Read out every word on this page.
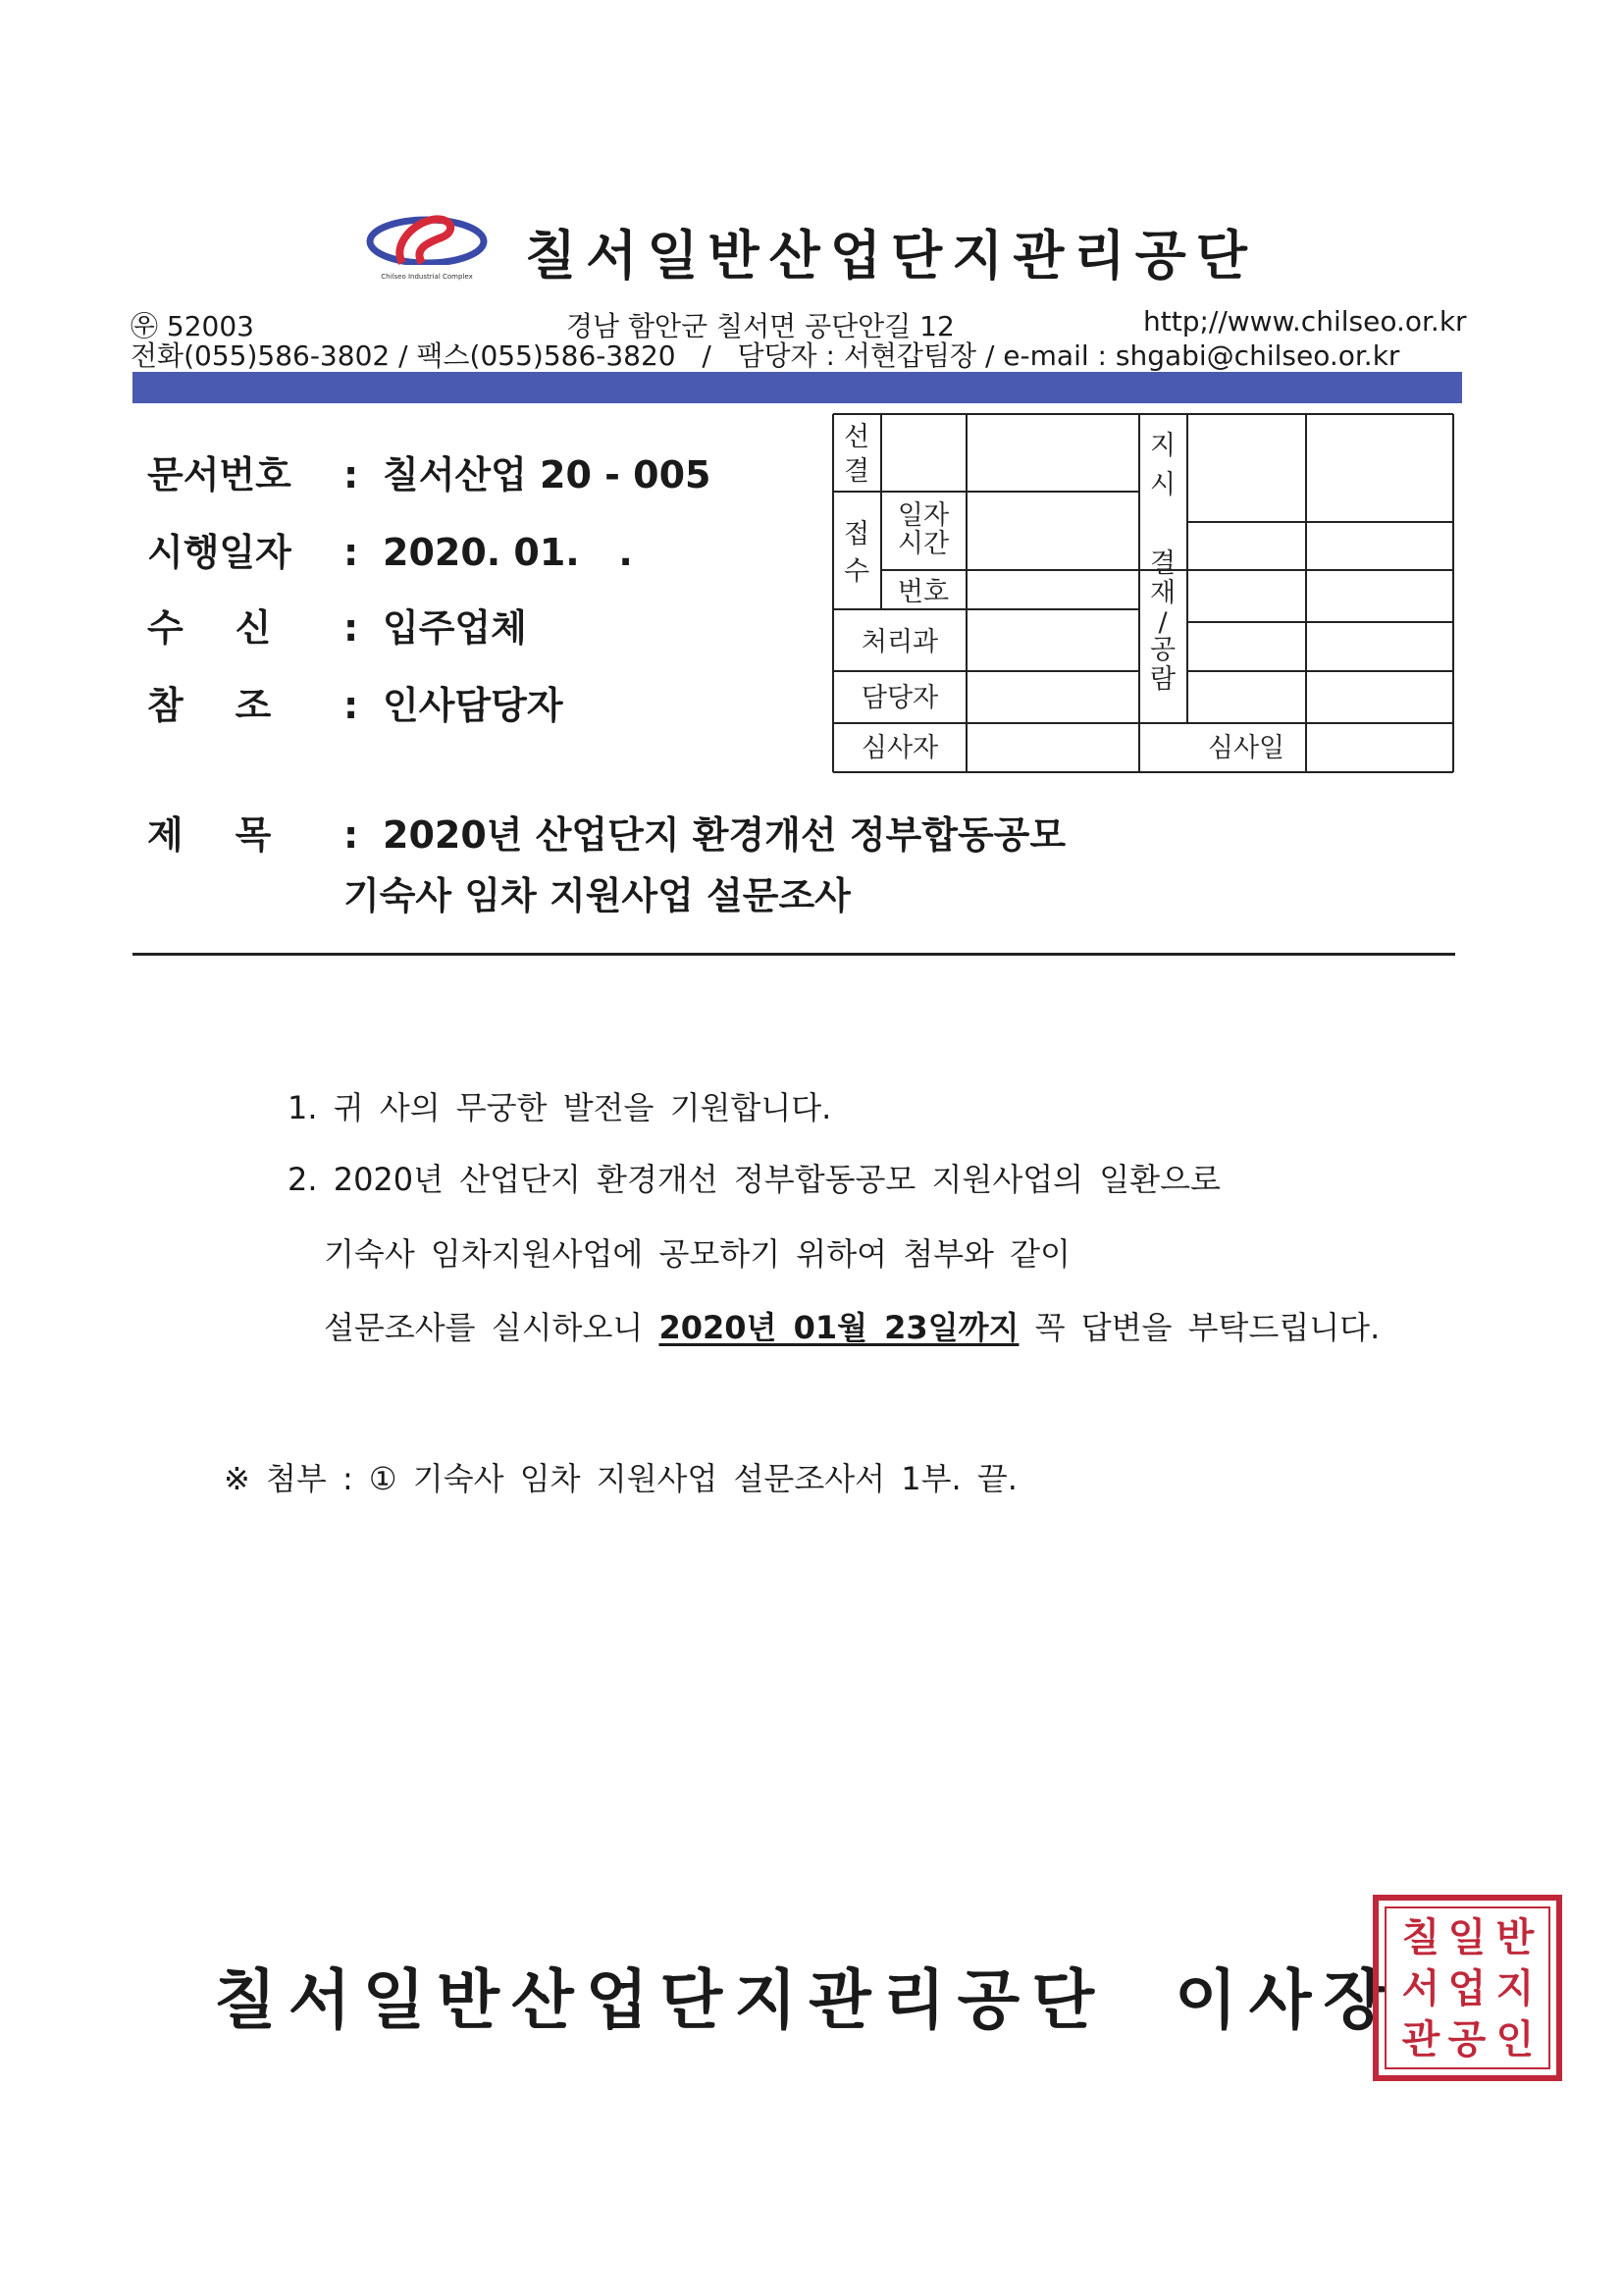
Chilseo Industrial Complex 칠서일반산업단지관리공단
㉾ 52003	경남 함안군 칠서면 공단안길 12	http;//www.chilseo.or.kr
전화(055)586-3802 / 팩스(055)586-3820   /   담당자 : 서현갑팀장 / e-mail : shgabi@chilseo.or.kr
문서번호 : 칠서산업 20 - 005
시행일자 : 2020. 01.   .
수    신 : 입주업체
참    조 : 인사담당자
선
결
접
수
일자
시간
번호
처리과
담당자
심사자
지
시
결
재
/
공
람
심사일
제    목 : 2020년 산업단지 환경개선 정부합동공모
기숙사 임차 지원사업 설문조사
1. 귀 사의 무궁한 발전을 기원합니다.
2. 2020년 산업단지 환경개선 정부합동공모 지원사업의 일환으로
기숙사 임차지원사업에 공모하기 위하여 첨부와 같이
설문조사를 실시하오니 2020년 01월 23일까지 꼭 답변을 부탁드립니다.
※ 첨부 : ① 기숙사 임차 지원사업 설문조사서 1부. 끝.
칠서일반산업단지관리공단  이사장
칠 일 반
서 업 지
관 공 인
